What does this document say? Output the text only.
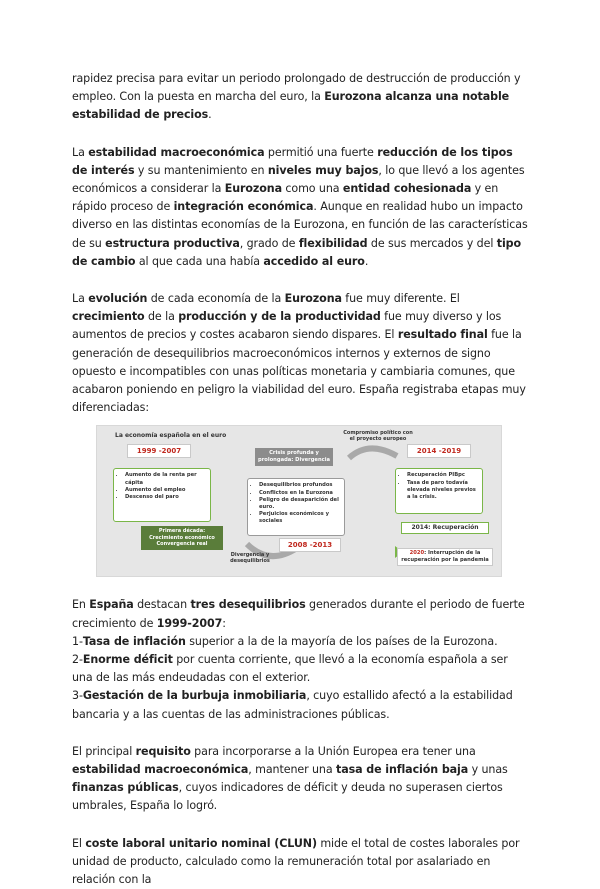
rapidez precisa para evitar un periodo prolongado de destrucción de producción y empleo. Con la puesta en marcha del euro, la Eurozona alcanza una notable estabilidad de precios.

La estabilidad macroeconómica permitió una fuerte reducción de los tipos de interés y su mantenimiento en niveles muy bajos, lo que llevó a los agentes económicos a considerar la Eurozona como una entidad cohesionada y en rápido proceso de integración económica. Aunque en realidad hubo un impacto diverso en las distintas economías de la Eurozona, en función de las características de su estructura productiva, grado de flexibilidad de sus mercados y del tipo de cambio al que cada una había accedido al euro.

La evolución de cada economía de la Eurozona fue muy diferente. El crecimiento de la producción y de la productividad fue muy diverso y los aumentos de precios y costes acabaron siendo dispares. El resultado final fue la generación de desequilibrios macroeconómicos internos y externos de signo opuesto e incompatibles con unas políticas monetaria y cambiaria comunes, que acabaron poniendo en peligro la viabilidad del euro. España registraba etapas muy diferenciadas:

La economía española en el euro
1999 -2007
• Aumento de la renta per cápita
• Aumento del empleo
• Descenso del paro
Primera década: Crecimiento económico Convergencia real
Divergencia y desequilibrios
Crisis profunda y prolongada: Divergencia
• Desequilibrios profundos
• Conflictos en la Eurozona
• Peligro de desaparición del euro.
• Perjuicios económicos y sociales
2008 -2013
Compromiso político con el proyecto europeo
2014 -2019
• Recuperación PIBpc
• Tasa de paro todavía elevada niveles previos a la crisis.
2014: Recuperación
2020: Interrupción de la recuperación por la pandemia

En España destacan tres desequilibrios generados durante el periodo de fuerte crecimiento de 1999-2007:

1-Tasa de inflación superior a la de la mayoría de los países de la Eurozona.

2-Enorme déficit por cuenta corriente, que llevó a la economía española a ser una de las más endeudadas con el exterior.

3-Gestación de la burbuja inmobiliaria, cuyo estallido afectó a la estabilidad bancaria y a las cuentas de las administraciones públicas.

El principal requisito para incorporarse a la Unión Europea era tener una estabilidad macroeconómica, mantener una tasa de inflación baja y unas finanzas públicas, cuyos indicadores de déficit y deuda no superasen ciertos umbrales, España lo logró.

El coste laboral unitario nominal (CLUN) mide el total de costes laborales por unidad de producto, calculado como la remuneración total por asalariado en relación con la
